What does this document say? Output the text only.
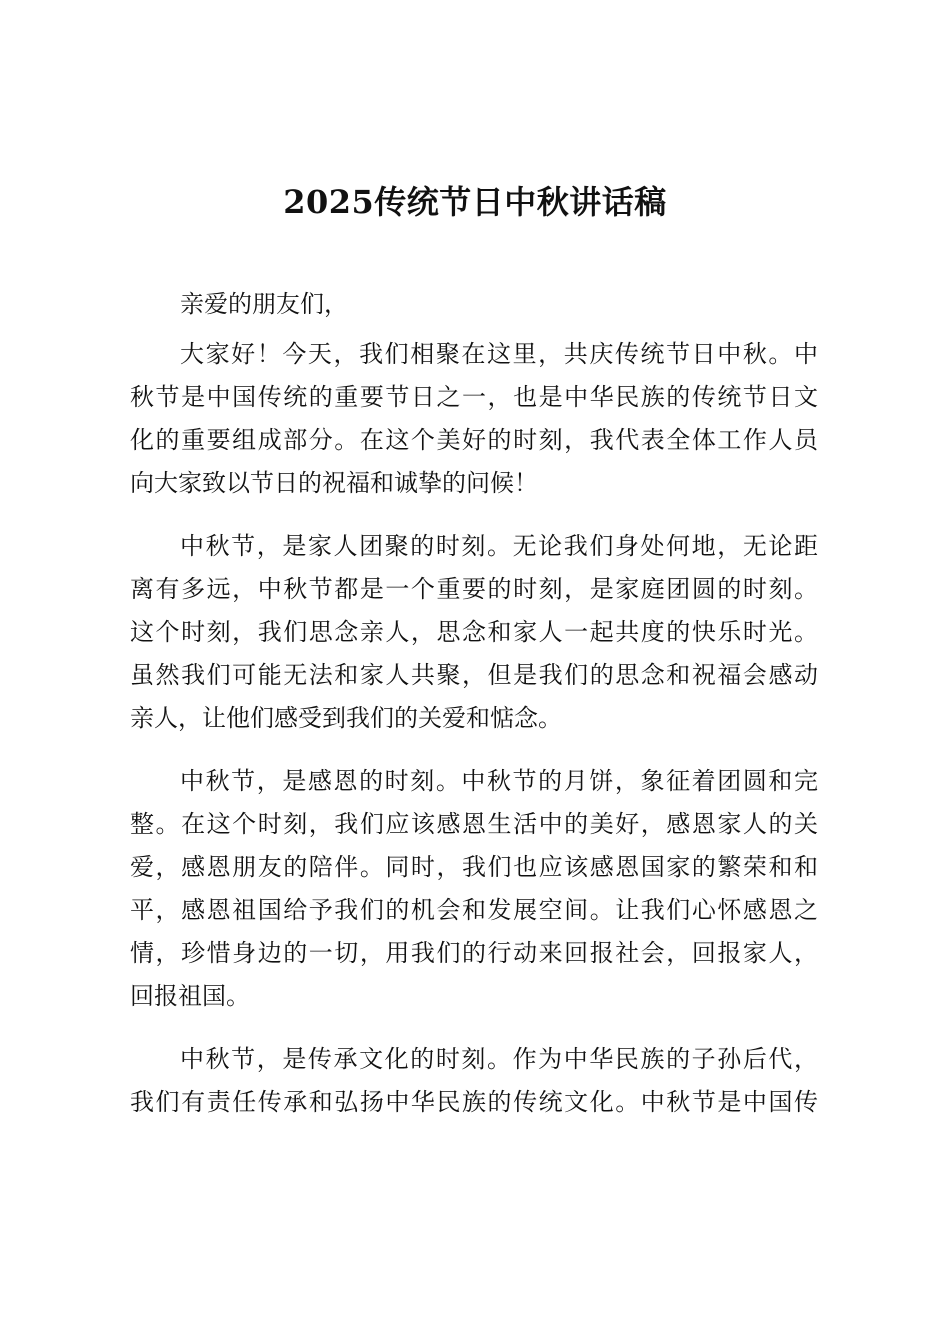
2025传统节日中秋讲话稿
亲爱的朋友们，
大家好！今天，我们相聚在这里，共庆传统节日中秋。中
秋节是中国传统的重要节日之一，也是中华民族的传统节日文
化的重要组成部分。在这个美好的时刻，我代表全体工作人员
向大家致以节日的祝福和诚挚的问候！
中秋节，是家人团聚的时刻。无论我们身处何地，无论距
离有多远，中秋节都是一个重要的时刻，是家庭团圆的时刻。
这个时刻，我们思念亲人，思念和家人一起共度的快乐时光。
虽然我们可能无法和家人共聚，但是我们的思念和祝福会感动
亲人，让他们感受到我们的关爱和惦念。
中秋节，是感恩的时刻。中秋节的月饼，象征着团圆和完
整。在这个时刻，我们应该感恩生活中的美好，感恩家人的关
爱，感恩朋友的陪伴。同时，我们也应该感恩国家的繁荣和和
平，感恩祖国给予我们的机会和发展空间。让我们心怀感恩之
情，珍惜身边的一切，用我们的行动来回报社会，回报家人，
回报祖国。
中秋节，是传承文化的时刻。作为中华民族的子孙后代，
我们有责任传承和弘扬中华民族的传统文化。中秋节是中国传
